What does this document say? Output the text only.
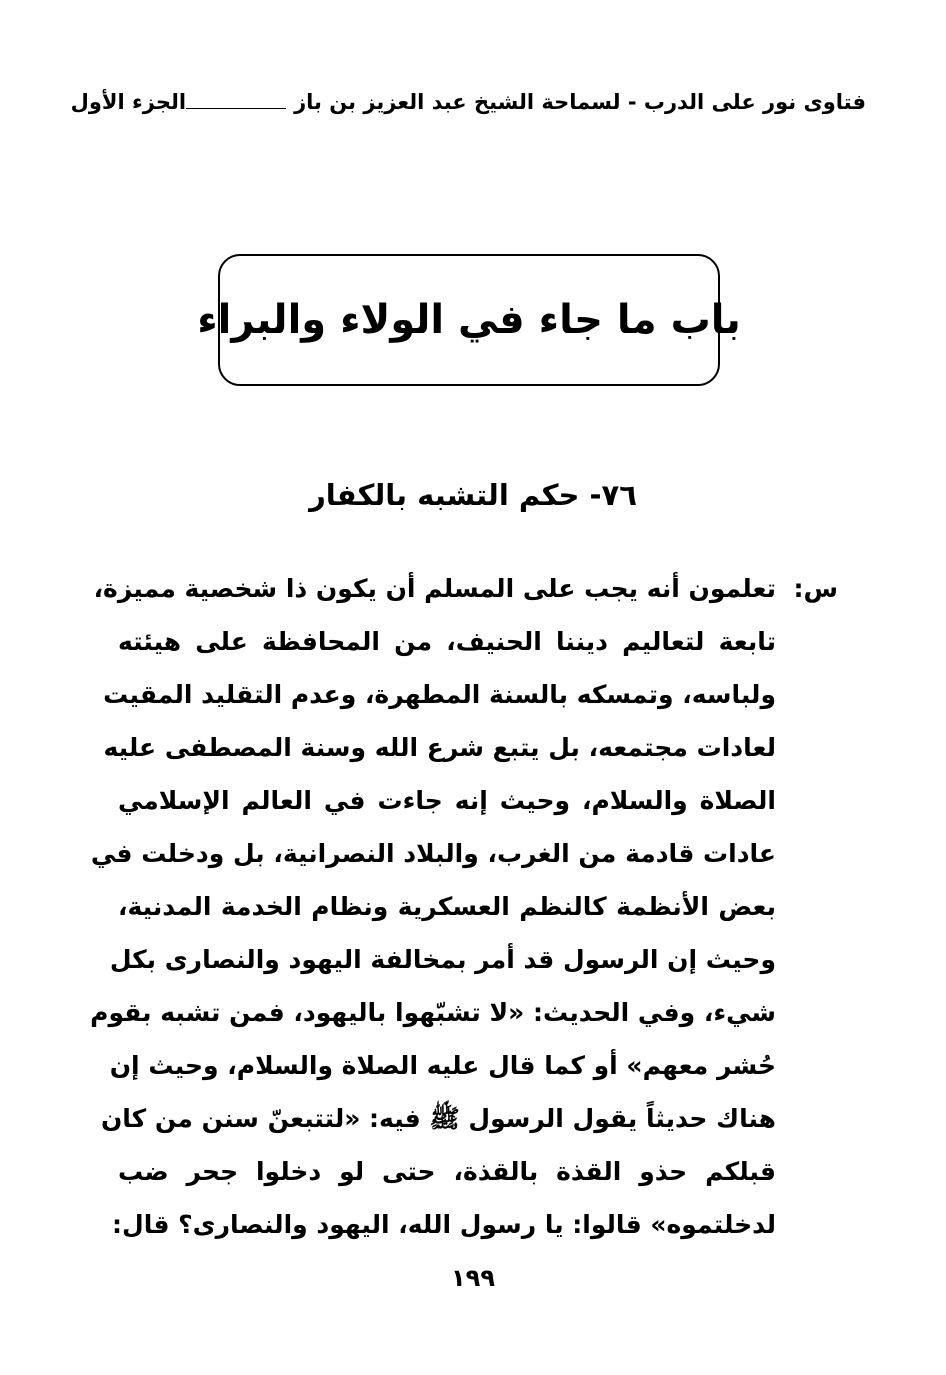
فتاوى نور على الدرب - لسماحة الشيخ عبد العزيز بن باز
الجزء الأول
باب ما جاء في الولاء والبراء
٧٦- حكم التشبه بالكفار
س:تعلمون أنه يجب على المسلم أن يكون ذا شخصية مميزة،
تابعة لتعاليم ديننا الحنيف، من المحافظة على هيئته
ولباسه، وتمسكه بالسنة المطهرة، وعدم التقليد المقيت
لعادات مجتمعه، بل يتبع شرع الله وسنة المصطفى عليه
الصلاة والسلام، وحيث إنه جاءت في العالم الإسلامي
عادات قادمة من الغرب، والبلاد النصرانية، بل ودخلت في
بعض الأنظمة كالنظم العسكرية ونظام الخدمة المدنية،
وحيث إن الرسول قد أمر بمخالفة اليهود والنصارى بكل
شيء، وفي الحديث: «لا تشبّهوا باليهود، فمن تشبه بقوم
حُشر معهم» أو كما قال عليه الصلاة والسلام، وحيث إن
هناك حديثاً يقول الرسول ﷺ فيه: «لتتبعنّ سنن من كان
قبلكم حذو القذة بالقذة، حتى لو دخلوا جحر ضب
لدخلتموه» قالوا: يا رسول الله، اليهود والنصارى؟ قال:
١٩٩
